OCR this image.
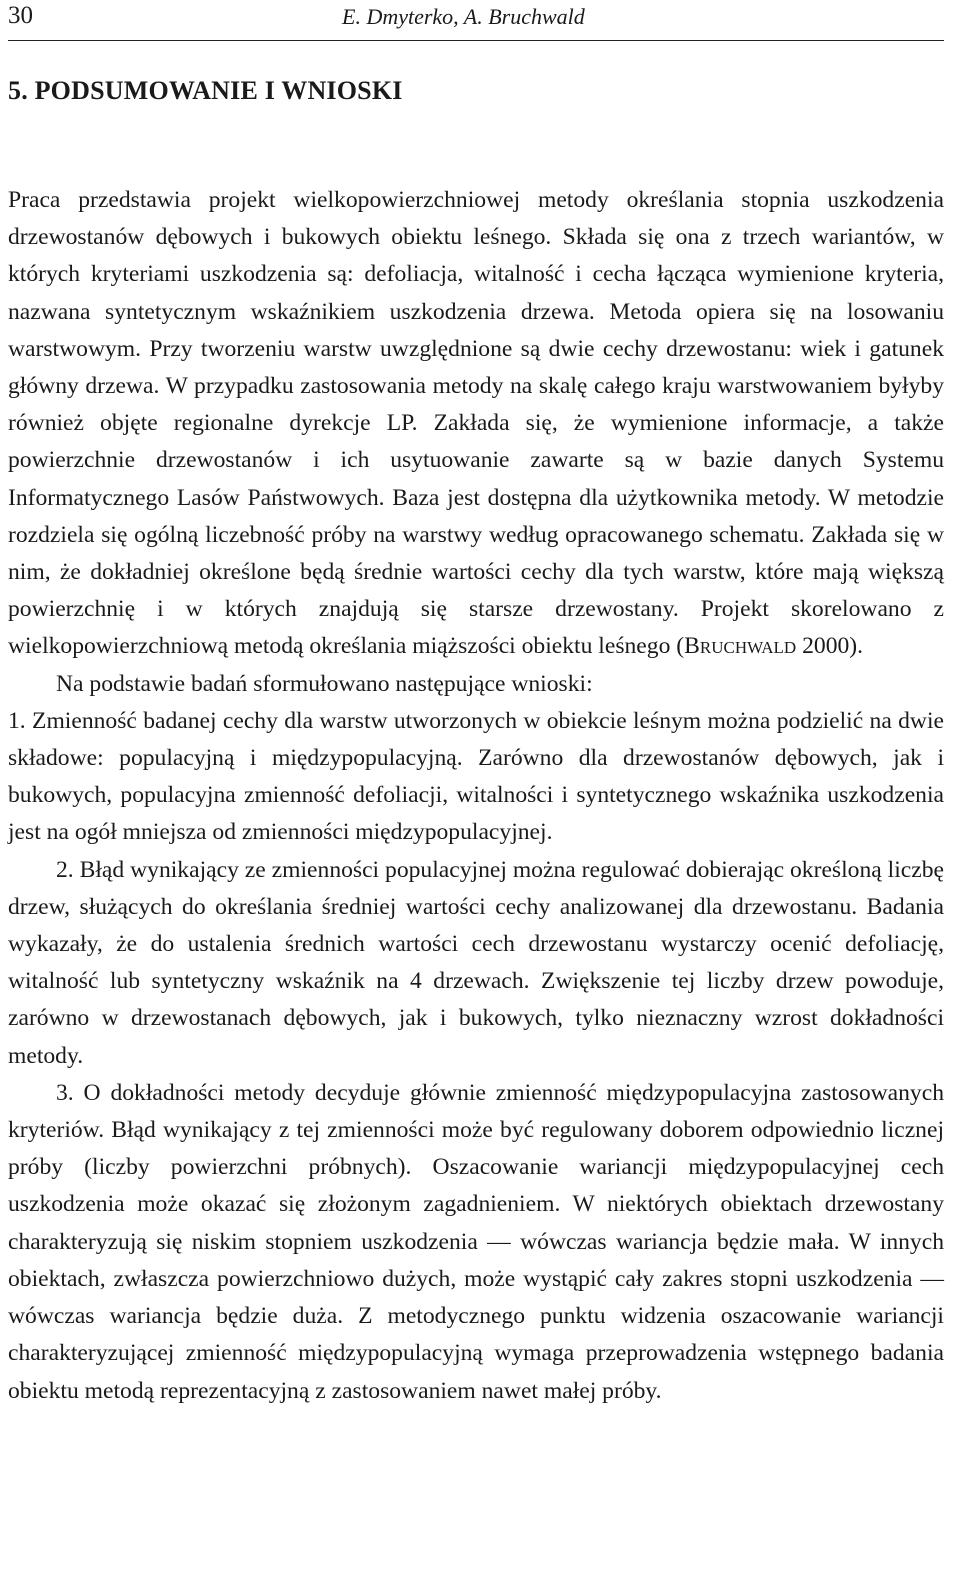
30	E. Dmyterko, A. Bruchwald
5. PODSUMOWANIE I WNIOSKI

Praca przedstawia projekt wielkopowierzchniowej metody określania stopnia uszkodzenia drzewostanów dębowych i bukowych obiektu leśnego. Składa się ona z trzech wariantów, w których kryteriami uszkodzenia są: defoliacja, witalność i cecha łącząca wymienione kryteria, nazwana syntetycznym wskaźnikiem uszkodzenia drzewa. Metoda opiera się na losowaniu warstwowym. Przy tworzeniu warstw uwzględnione są dwie cechy drzewostanu: wiek i gatunek główny drzewa. W przypadku zastosowania metody na skalę całego kraju warstwowaniem byłyby również objęte regionalne dyrekcje LP. Zakłada się, że wymienione informacje, a także powierzchnie drzewostanów i ich usytuowanie zawarte są w bazie danych Systemu Informatycznego Lasów Państwowych. Baza jest dostępna dla użytkownika metody. W metodzie rozdziela się ogólną liczebność próby na warstwy według opracowanego schematu. Zakłada się w nim, że dokładniej określone będą średnie wartości cechy dla tych warstw, które mają większą powierzchnię i w których znajdują się starsze drzewostany. Projekt skorelowano z wielkopowierzchniową metodą określania miąższości obiektu leśnego (Bruchwald 2000).

Na podstawie badań sformułowano następujące wnioski:

1. Zmienność badanej cechy dla warstw utworzonych w obiekcie leśnym można podzielić na dwie składowe: populacyjną i międzypopulacyjną. Zarówno dla drzewostanów dębowych, jak i bukowych, populacyjna zmienność defoliacji, witalności i syntetycznego wskaźnika uszkodzenia jest na ogół mniejsza od zmienności międzypopulacyjnej.

2. Błąd wynikający ze zmienności populacyjnej można regulować dobierając określoną liczbę drzew, służących do określania średniej wartości cechy analizowanej dla drzewostanu. Badania wykazały, że do ustalenia średnich wartości cech drzewostanu wystarczy ocenić defoliację, witalność lub syntetyczny wskaźnik na 4 drzewach. Zwiększenie tej liczby drzew powoduje, zarówno w drzewostanach dębowych, jak i bukowych, tylko nieznaczny wzrost dokładności metody.

3. O dokładności metody decyduje głównie zmienność międzypopulacyjna zastosowanych kryteriów. Błąd wynikający z tej zmienności może być regulowany doborem odpowiednio licznej próby (liczby powierzchni próbnych). Oszacowanie wariancji międzypopulacyjnej cech uszkodzenia może okazać się złożonym zagadnieniem. W niektórych obiektach drzewostany charakteryzują się niskim stopniem uszkodzenia — wówczas wariancja będzie mała. W innych obiektach, zwłaszcza powierzchniowo dużych, może wystąpić cały zakres stopni uszkodzenia — wówczas wariancja będzie duża. Z metodycznego punktu widzenia oszacowanie wariancji charakteryzującej zmienność międzypopulacyjną wymaga przeprowadzenia wstępnego badania obiektu metodą reprezentacyjną z zastosowaniem nawet małej próby.
